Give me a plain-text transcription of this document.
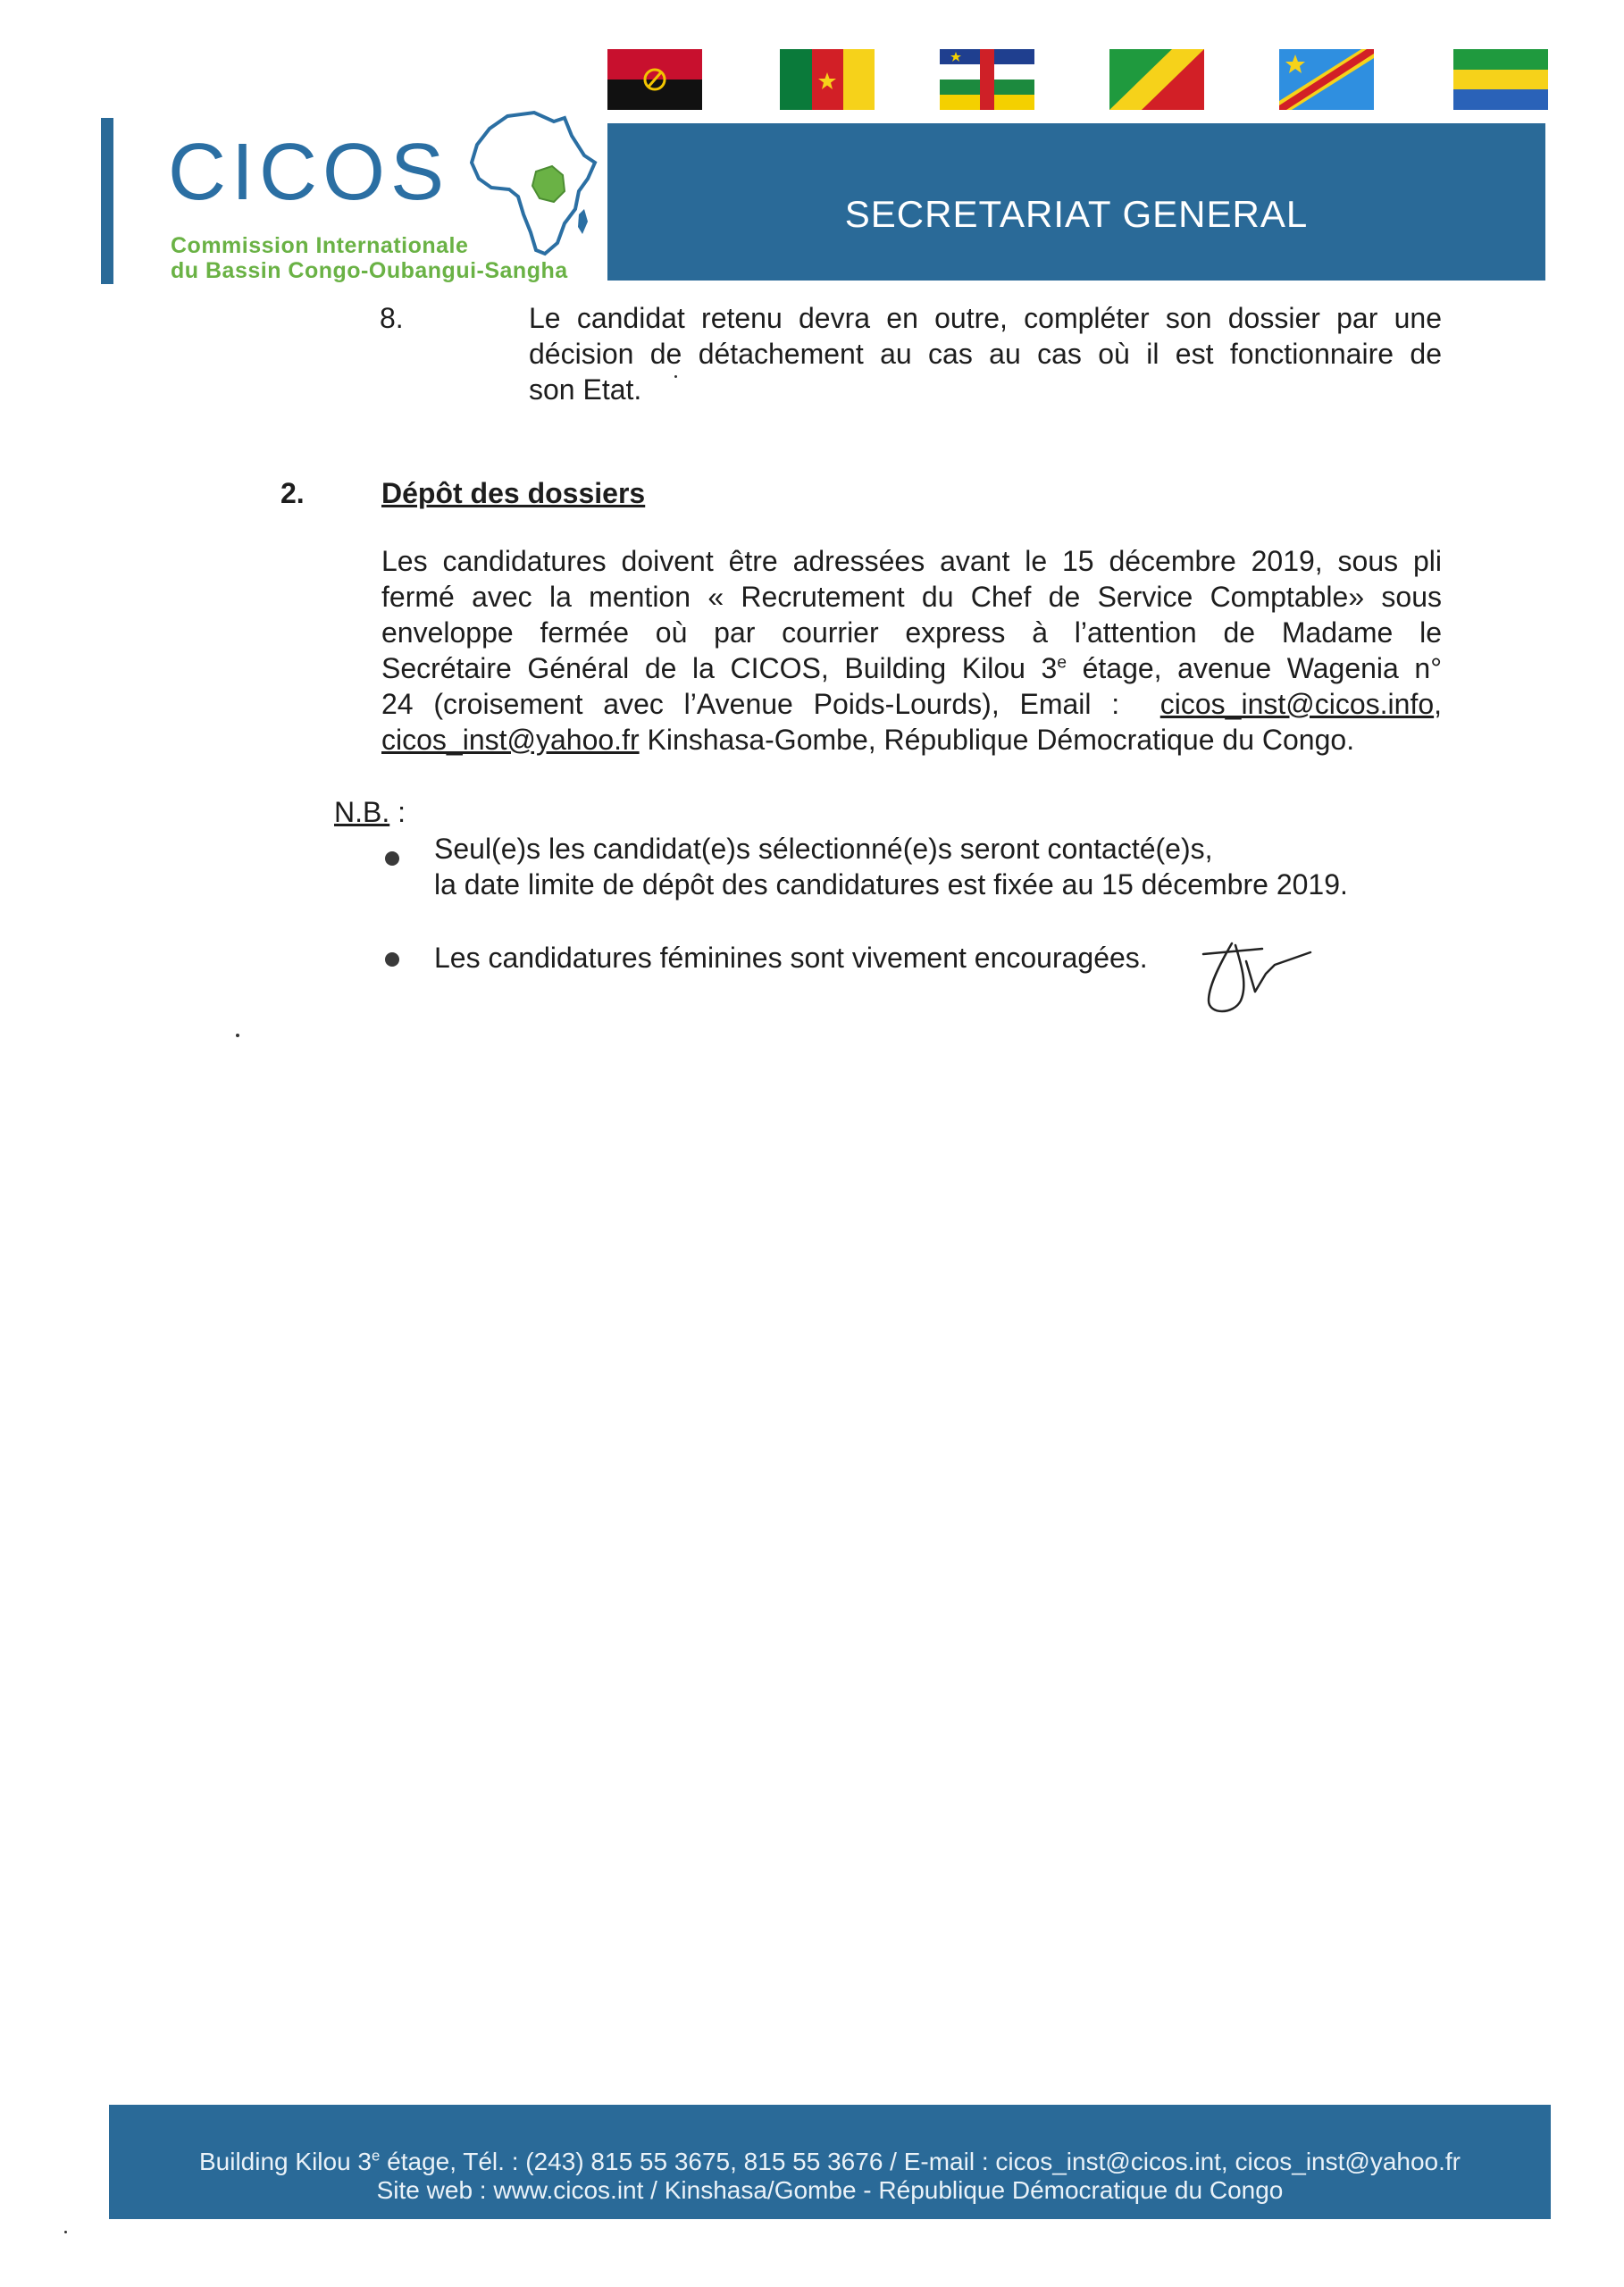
CICOS
Commission Internationale
du Bassin Congo-Oubangui-Sangha
SECRETARIAT GENERAL
8.	Le candidat retenu devra en outre, compléter son dossier par une
décision de détachement au cas au cas où il est fonctionnaire de
son Etat.
2.	Dépôt des dossiers
Les candidatures doivent être adressées avant le 15 décembre 2019, sous pli
fermé avec la mention « Recrutement du Chef de Service Comptable» sous
enveloppe fermée où par courrier express à l’attention de Madame le
Secrétaire Général de la CICOS, Building Kilou 3e étage, avenue Wagenia n°
24 (croisement avec l’Avenue Poids-Lourds), Email : cicos_inst@cicos.info,
cicos_inst@yahoo.fr Kinshasa-Gombe, République Démocratique du Congo.
N.B. :
Seul(e)s les candidat(e)s sélectionné(e)s seront contacté(e)s,
la date limite de dépôt des candidatures est fixée au 15 décembre 2019.
Les candidatures féminines sont vivement encouragées.
Building Kilou 3e étage, Tél. : (243) 815 55 3675, 815 55 3676 / E-mail : cicos_inst@cicos.int, cicos_inst@yahoo.fr
Site web : www.cicos.int / Kinshasa/Gombe - République Démocratique du Congo
